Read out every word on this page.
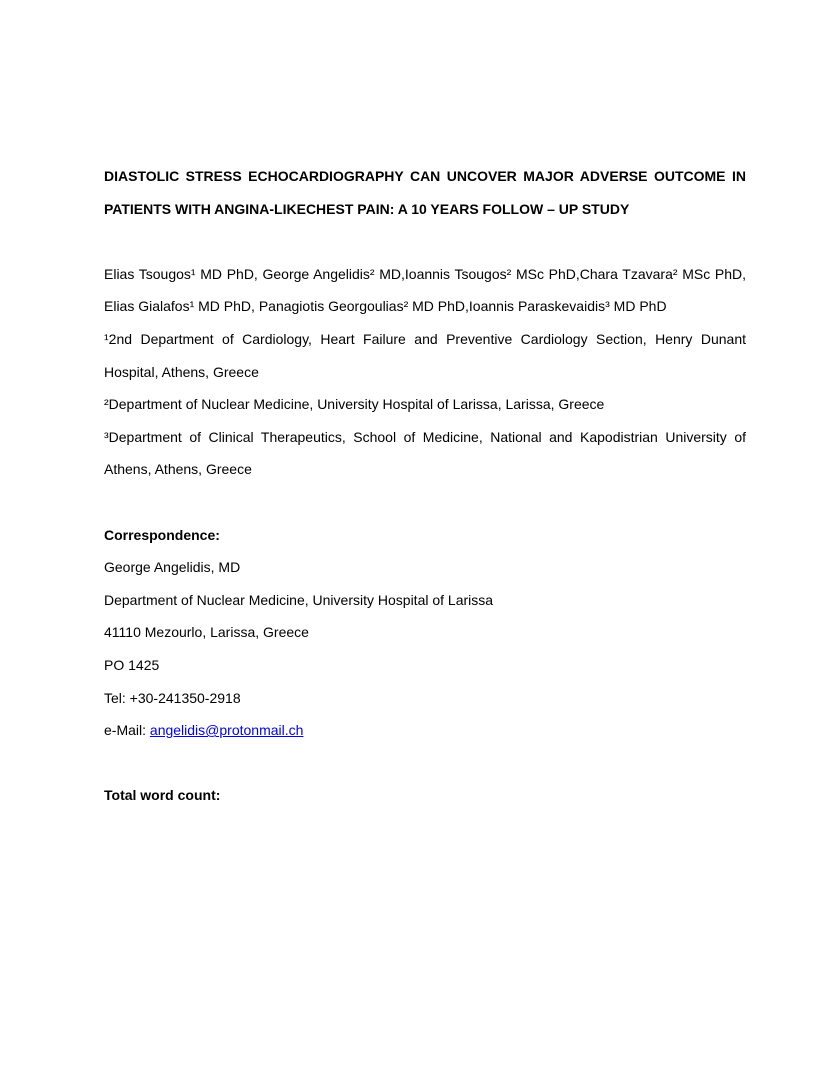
DIASTOLIC STRESS ECHOCARDIOGRAPHY CAN UNCOVER MAJOR ADVERSE OUTCOME IN PATIENTS WITH ANGINA-LIKECHEST PAIN: A 10 YEARS FOLLOW – UP STUDY

Elias Tsougos¹ MD PhD, George Angelidis² MD,Ioannis Tsougos² MSc PhD,Chara Tzavara² MSc PhD, Elias Gialafos¹ MD PhD, Panagiotis Georgoulias² MD PhD,Ioannis Paraskevaidis³ MD PhD

¹2nd Department of Cardiology, Heart Failure and Preventive Cardiology Section, Henry Dunant Hospital, Athens, Greece

²Department of Nuclear Medicine, University Hospital of Larissa, Larissa, Greece

³Department of Clinical Therapeutics, School of Medicine, National and Kapodistrian University of Athens, Athens, Greece

Correspondence:

George Angelidis, MD

Department of Nuclear Medicine, University Hospital of Larissa

41110 Mezourlo, Larissa, Greece

PO 1425

Tel: +30-241350-2918

e-Mail: angelidis@protonmail.ch

Total word count:
